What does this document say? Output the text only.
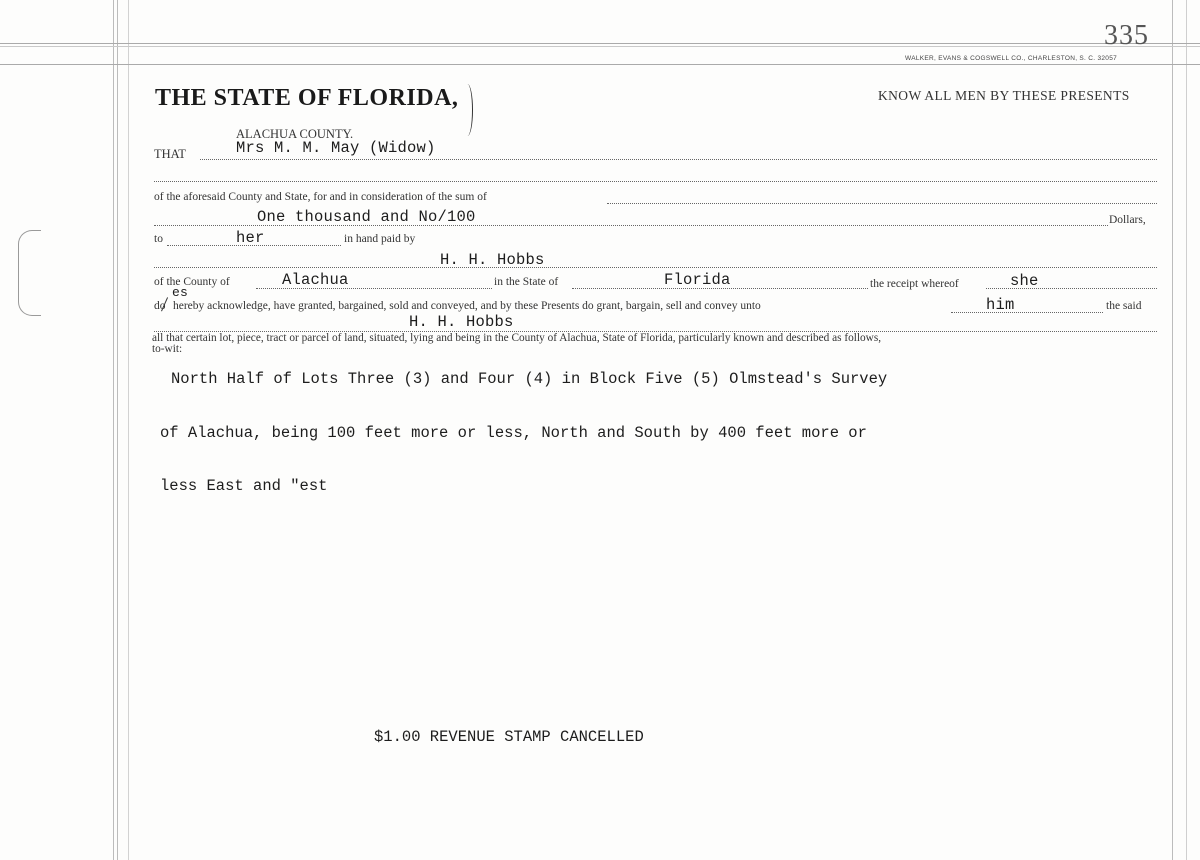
335
WALKER, EVANS & COGSWELL CO., CHARLESTON, S. C. 32057
THE STATE OF FLORIDA,	KNOW ALL MEN BY THESE PRESENTS
ALACHUA COUNTY.
THAT	Mrs M. M. May (Widow)
of the aforesaid County and State, for and in consideration of the sum of
One thousand and No/100	Dollars,
to	her	in hand paid by
H. H. Hobbs
of the County of	Alachua	in the State of	Florida	the receipt whereof	she
es
do hereby acknowledge, have granted, bargained, sold and conveyed, and by these Presents do grant, bargain, sell and convey unto	him	the said
H. H. Hobbs
all that certain lot, piece, tract or parcel of land, situated, lying and being in the County of Alachua, State of Florida, particularly known and described as follows,
to-wit:
North Half of Lots Three (3) and Four (4) in Block Five (5) Olmstead's Survey
of Alachua, being 100 feet more or less, North and South by 400 feet more or
less East and "est
$1.00 REVENUE STAMP CANCELLED
